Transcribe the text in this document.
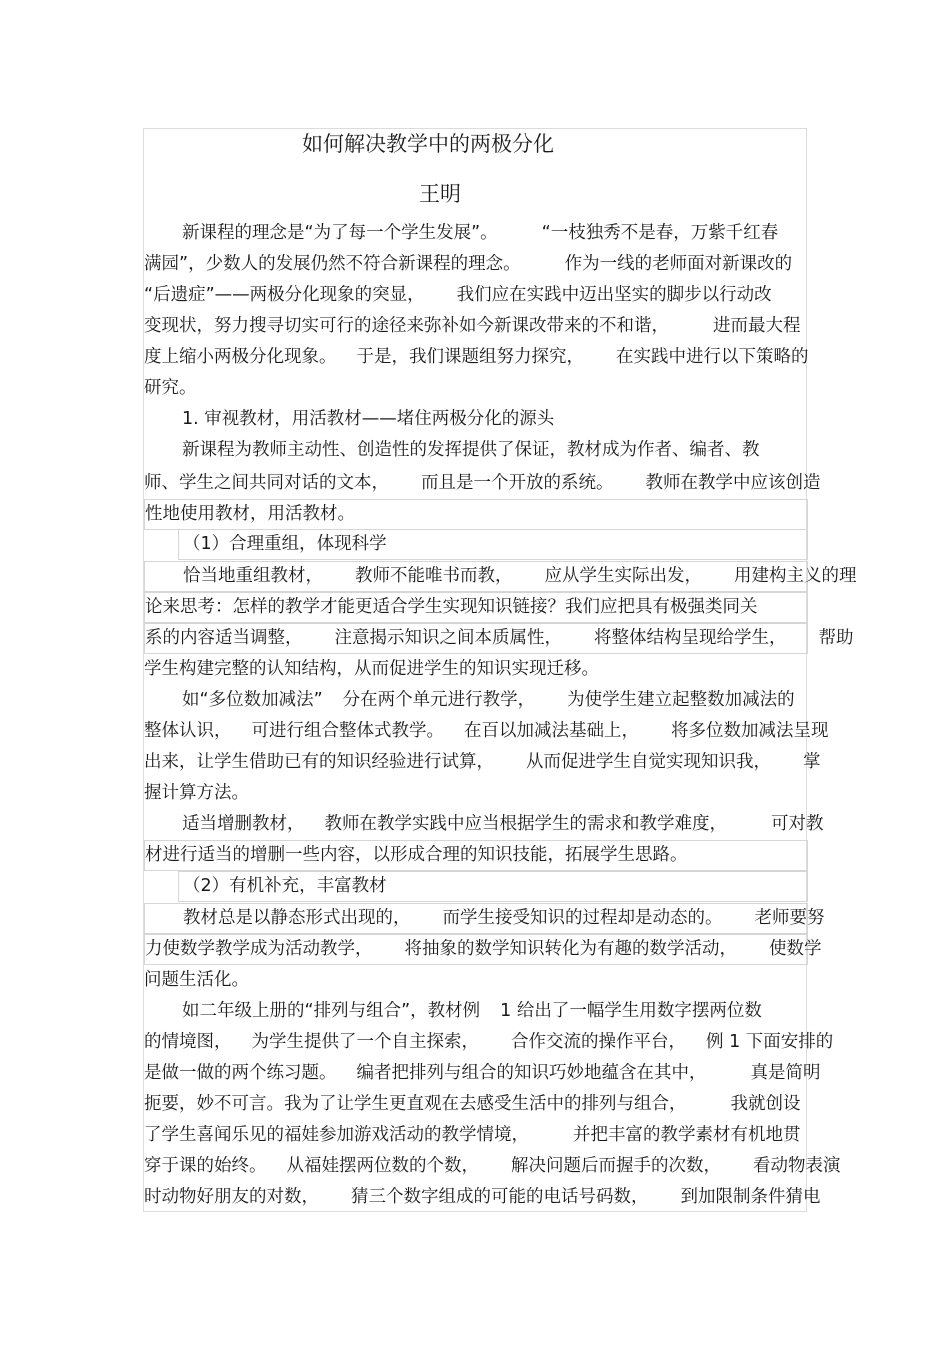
如何解决教学中的两极分化
王明
新课程的理念是“为了每一个学生发展”。	“一枝独秀不是春，万紫千红春
满园”，少数人的发展仍然不符合新课程的理念。	作为一线的老师面对新课改的
“后遗症”——两极分化现象的突显， 我们应在实践中迈出坚实的脚步以行动改
变现状，努力搜寻切实可行的途径来弥补如今新课改带来的不和谐，	进而最大程
度上缩小两极分化现象。 于是，我们课题组努力探究， 在实践中进行以下策略的
研究。
1. 审视教材，用活教材——堵住两极分化的源头
新课程为教师主动性、创造性的发挥提供了保证，教材成为作者、编者、教
师、学生之间共同对话的文本， 而且是一个开放的系统。 教师在教学中应该创造
性地使用教材，用活教材。
（1）合理重组，体现科学
恰当地重组教材， 教师不能唯书而教， 应从学生实际出发， 用建构主义的理
论来思考：怎样的教学才能更适合学生实现知识链接？我们应把具有极强类同关
系的内容适当调整， 注意揭示知识之间本质属性， 将整体结构呈现给学生， 帮助
学生构建完整的认知结构，从而促进学生的知识实现迁移。
如“多位数加减法” 分在两个单元进行教学， 为使学生建立起整数加减法的
整体认识， 可进行组合整体式教学。 在百以加减法基础上， 将多位数加减法呈现
出来，让学生借助已有的知识经验进行试算， 从而促进学生自觉实现知识我， 掌
握计算方法。
适当增删教材， 教师在教学实践中应当根据学生的需求和教学难度，	可对教
材进行适当的增删一些内容，以形成合理的知识技能，拓展学生思路。
（2）有机补充，丰富教材
教材总是以静态形式出现的， 而学生接受知识的过程却是动态的。 老师要努
力使数学教学成为活动教学， 将抽象的数学知识转化为有趣的数学活动， 使数学
问题生活化。
如二年级上册的“排列与组合”，教材例 1 给出了一幅学生用数字摆两位数
的情境图， 为学生提供了一个自主探索， 合作交流的操作平台， 例 1 下面安排的
是做一做的两个练习题。 编者把排列与组合的知识巧妙地蕴含在其中，	真是简明
扼要，妙不可言。我为了让学生更直观在去感受生活中的排列与组合，	我就创设
了学生喜闻乐见的福娃参加游戏活动的教学情境，	并把丰富的教学素材有机地贯
穿于课的始终。 从福娃摆两位数的个数， 解决问题后而握手的次数， 看动物表演
时动物好朋友的对数， 猜三个数字组成的可能的电话号码数， 到加限制条件猜电
